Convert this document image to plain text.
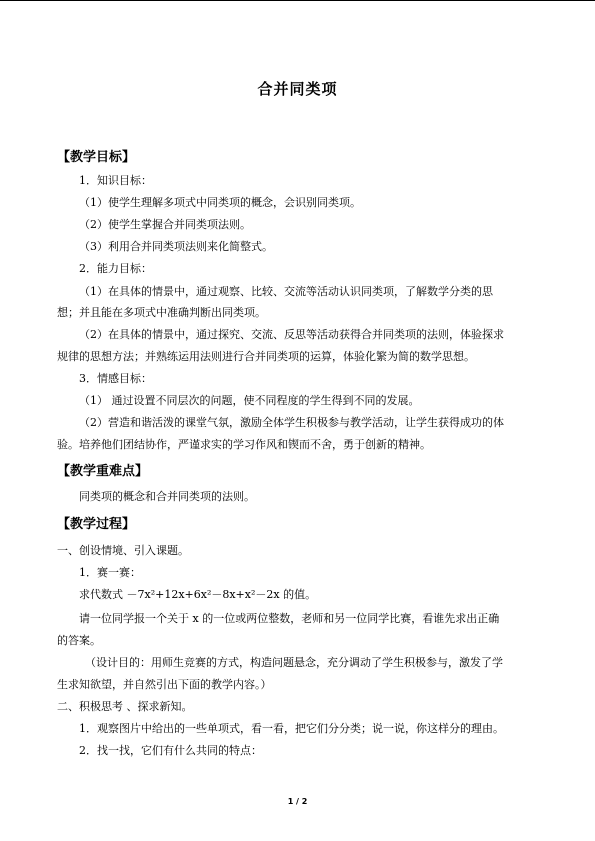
合并同类项
【教学目标】
1．知识目标：
（1）使学生理解多项式中同类项的概念，会识别同类项。
（2）使学生掌握合并同类项法则。
（3）利用合并同类项法则来化简整式。
2．能力目标：
（1）在具体的情景中，通过观察、比较、交流等活动认识同类项，了解数学分类的思
想；并且能在多项式中准确判断出同类项。
（2）在具体的情景中，通过探究、交流、反思等活动获得合并同类项的法则，体验探求
规律的思想方法；并熟练运用法则进行合并同类项的运算，体验化繁为简的数学思想。
3．情感目标：
（1） 通过设置不同层次的问题，使不同程度的学生得到不同的发展。
（2）营造和谐活泼的课堂气氛，激励全体学生积极参与教学活动，让学生获得成功的体
验。培养他们团结协作，严谨求实的学习作风和锲而不舍，勇于创新的精神。
【教学重难点】
同类项的概念和合并同类项的法则。
【教学过程】
一、创设情境、引入课题。
1．赛一赛：
求代数式 －7x²+12x+6x²－8x+x²－2x 的值。
请一位同学报一个关于 x 的一位或两位整数，老师和另一位同学比赛，看谁先求出正确
的答案。
（设计目的：用师生竞赛的方式，构造问题悬念，充分调动了学生积极参与，激发了学
生求知欲望，并自然引出下面的教学内容。）
二、积极思考 、探求新知。
1．观察图片中给出的一些单项式，看一看，把它们分分类；说一说，你这样分的理由。
2．找一找，它们有什么共同的特点：
1 / 2
